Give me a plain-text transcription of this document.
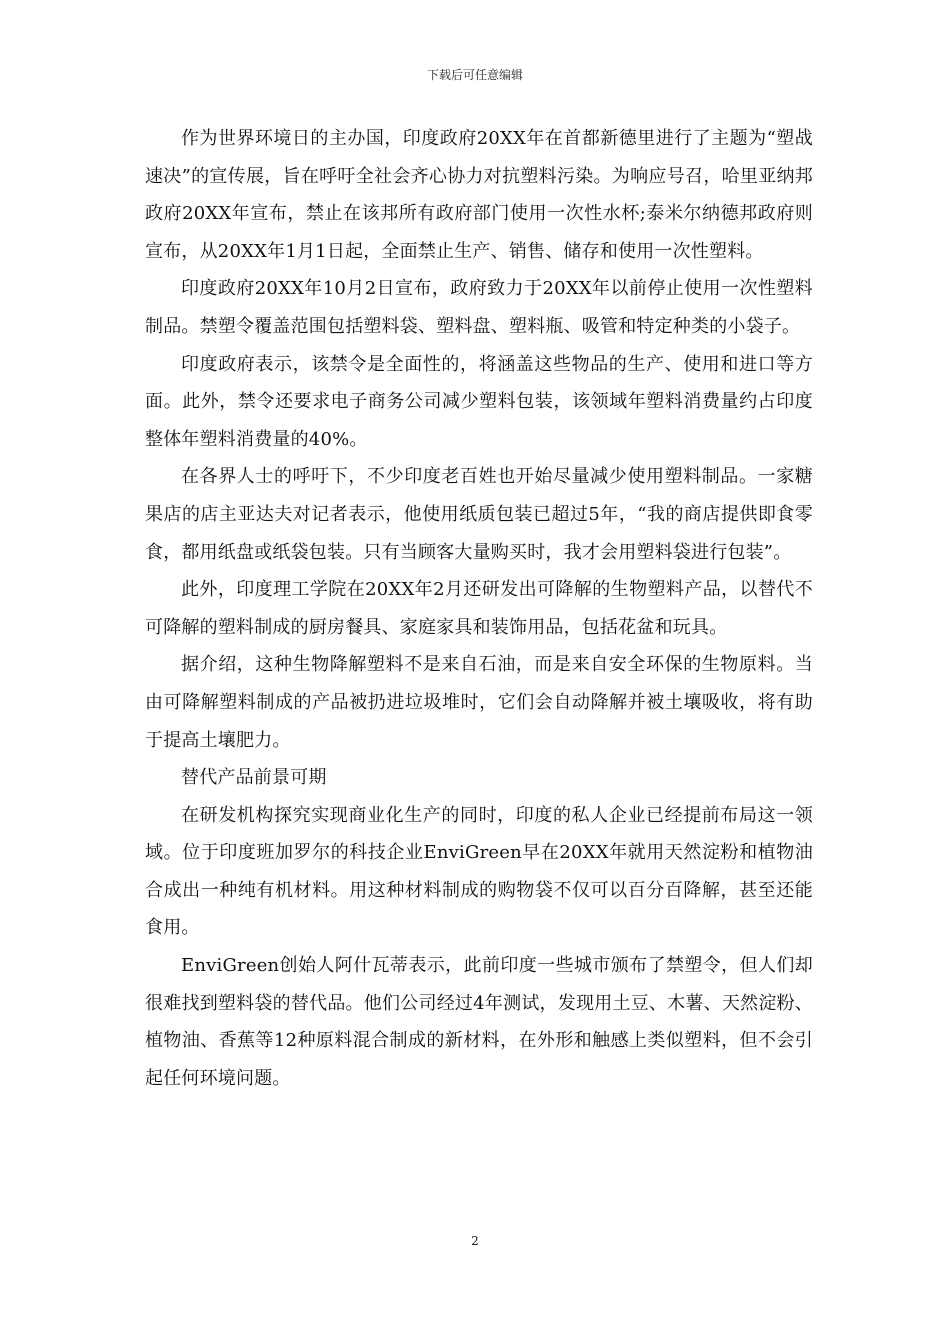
下载后可任意编辑

作为世界环境日的主办国，印度政府20XX年在首都新德里进行了主题为“塑战速决”的宣传展，旨在呼吁全社会齐心协力对抗塑料污染。为响应号召，哈里亚纳邦政府20XX年宣布，禁止在该邦所有政府部门使用一次性水杯;泰米尔纳德邦政府则宣布，从20XX年1月1日起，全面禁止生产、销售、储存和使用一次性塑料。

印度政府20XX年10月2日宣布，政府致力于20XX年以前停止使用一次性塑料制品。禁塑令覆盖范围包括塑料袋、塑料盘、塑料瓶、吸管和特定种类的小袋子。

印度政府表示，该禁令是全面性的，将涵盖这些物品的生产、使用和进口等方面。此外，禁令还要求电子商务公司减少塑料包装，该领域年塑料消费量约占印度整体年塑料消费量的40%。

在各界人士的呼吁下，不少印度老百姓也开始尽量减少使用塑料制品。一家糖果店的店主亚达夫对记者表示，他使用纸质包装已超过5年，“我的商店提供即食零食，都用纸盘或纸袋包装。只有当顾客大量购买时，我才会用塑料袋进行包装”。

此外，印度理工学院在20XX年2月还研发出可降解的生物塑料产品，以替代不可降解的塑料制成的厨房餐具、家庭家具和装饰用品，包括花盆和玩具。

据介绍，这种生物降解塑料不是来自石油，而是来自安全环保的生物原料。当由可降解塑料制成的产品被扔进垃圾堆时，它们会自动降解并被土壤吸收，将有助于提高土壤肥力。

替代产品前景可期

在研发机构探究实现商业化生产的同时，印度的私人企业已经提前布局这一领域。位于印度班加罗尔的科技企业EnviGreen早在20XX年就用天然淀粉和植物油合成出一种纯有机材料。用这种材料制成的购物袋不仅可以百分百降解，甚至还能食用。

EnviGreen创始人阿什瓦蒂表示，此前印度一些城市颁布了禁塑令，但人们却很难找到塑料袋的替代品。他们公司经过4年测试，发现用土豆、木薯、天然淀粉、植物油、香蕉等12种原料混合制成的新材料，在外形和触感上类似塑料，但不会引起任何环境问题。

2
